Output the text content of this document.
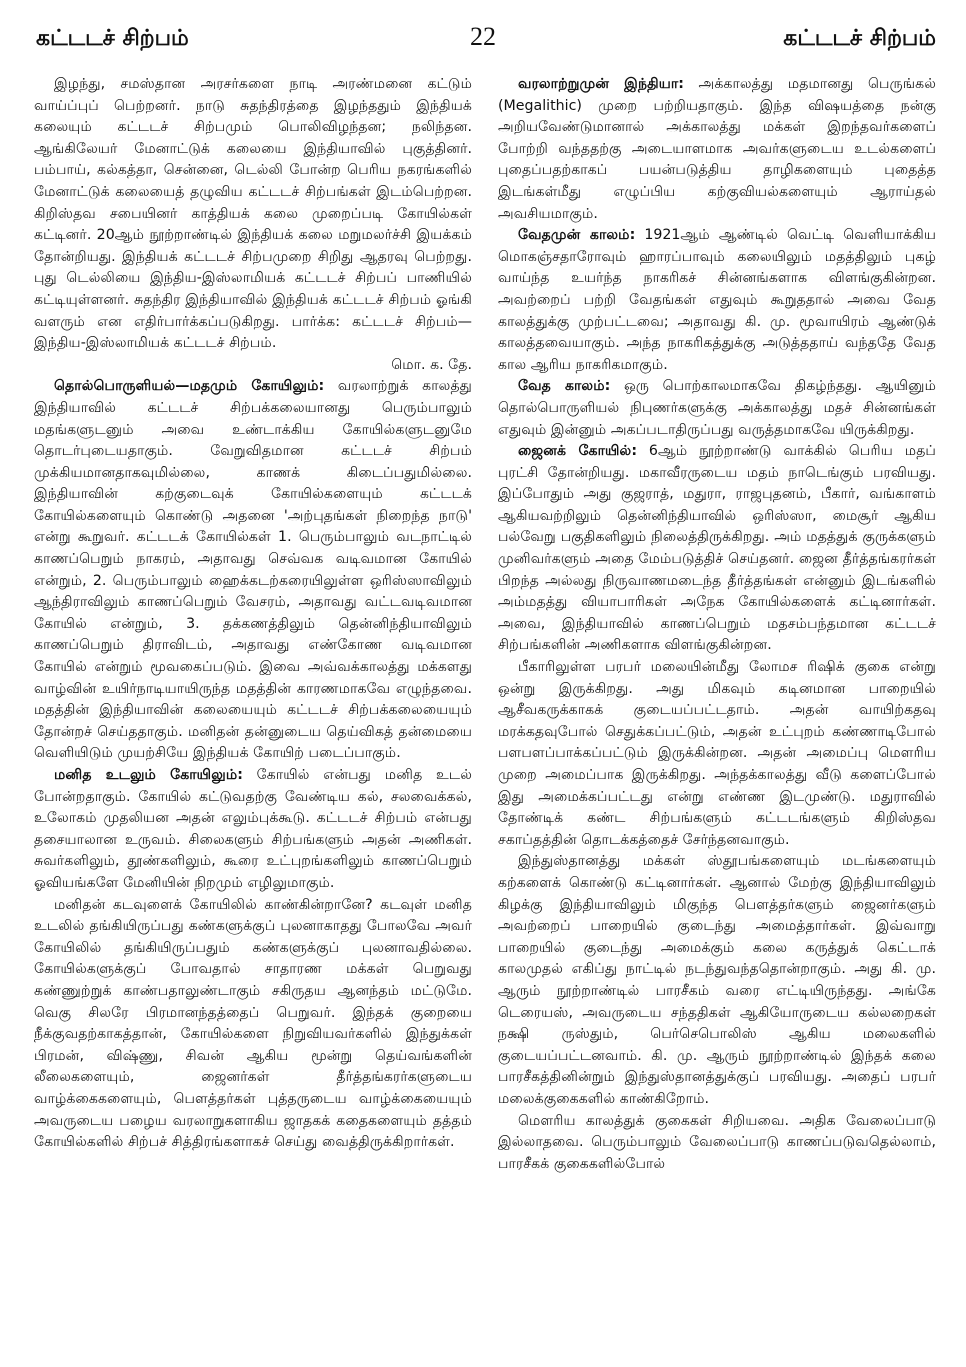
கட்டடச் சிற்பம்	22	கட்டடச் சிற்பம்

இழந்து, சமஸ்தான அரசர்களை நாடி அரண்மனை கட்டும் வாய்ப்புப் பெற்றனர். நாடு சுதந்திரத்தை இழந்ததும் இந்தியக் கலையும் கட்டடச் சிற்பமும் பொலிவிழந்தன; நலிந்தன. ஆங்கிலேயர் மேனாட்டுக் கலையை இந்தியாவில் புகுத்தினர். பம்பாய், கல்கத்தா, சென்னை, டெல்லி போன்ற பெரிய நகரங்களில் மேனாட்டுக் கலையைத் தழுவிய கட்டடச் சிற்பங்கள் இடம்பெற்றன. கிறிஸ்தவ சபையினர் காத்தியக் கலை முறைப்படி கோயில்கள் கட்டினர். 20ஆம் நூற்றாண்டில் இந்தியக் கலை மறுமலர்ச்சி இயக்கம் தோன்றியது. இந்தியக் கட்டடச் சிற்பமுறை சிறிது ஆதரவு பெற்றது. புது டெல்லியை இந்திய-இஸ்லாமியக் கட்டடச் சிற்பப் பாணியில் கட்டியுள்ளனர். சுதந்திர இந்தியாவில் இந்தியக் கட்டடச் சிற்பம் ஓங்கி வளரும் என எதிர்பார்க்கப்படுகிறது. பார்க்க: கட்டடச் சிற்பம்—இந்திய-இஸ்லாமியக் கட்டடச் சிற்பம்.

மொ. க. தே.

தொல்பொருளியல்—மதமும் கோயிலும்: வரலாற்றுக் காலத்து இந்தியாவில் கட்டடச் சிற்பக்கலையானது பெரும்பாலும் மதங்களுடனும் அவை உண்டாக்கிய கோயில்களுடனுமே தொடர்புடையதாகும். வேறுவிதமான கட்டடச் சிற்பம் முக்கியமானதாகவுமில்லை, காணக் கிடைப்பதுமில்லை. இந்தியாவின் கற்குடைவுக் கோயில்களையும் கட்டடக் கோயில்களையும் கொண்டு அதனை 'அற்புதங்கள் நிறைந்த நாடு' என்று கூறுவர். கட்டடக் கோயில்கள் 1. பெரும்பாலும் வடநாட்டில் காணப்பெறும் நாகரம், அதாவது செவ்வக வடிவமான கோயில் என்றும், 2. பெரும்பாலும் ஹைக்கடற்கரையிலுள்ள ஒரிஸ்ஸாவிலும் ஆந்திராவிலும் காணப்பெறும் வேசரம், அதாவது வட்டவடிவமான கோயில் என்றும், 3. தக்கணத்திலும் தென்னிந்தியாவிலும் காணப்பெறும் திராவிடம், அதாவது எண்கோண வடிவமான கோயில் என்றும் மூவகைப்படும். இவை அவ்வக்காலத்து மக்களது வாழ்வின் உயிர்நாடியாயிருந்த மதத்தின் காரணமாகவே எழுந்தவை. மதத்தின் இந்தியாவின் கலையையும் கட்டடச் சிற்பக்கலையையும் தோன்றச் செய்ததாகும். மனிதன் தன்னுடைய தெய்விகத் தன்மையை வெளியிடும் முயற்சியே இந்தியக் கோயிற் படைப்பாகும்.

மனித உடலும் கோயிலும்: கோயில் என்பது மனித உடல் போன்றதாகும். கோயில் கட்டுவதற்கு வேண்டிய கல், சலவைக்கல், உலோகம் முதலியன அதன் எலும்புக்கூடு. கட்டடச் சிற்பம் என்பது தசையாலான உருவம். சிலைகளும் சிற்பங்களும் அதன் அணிகள். சுவர்களிலும், தூண்களிலும், கூரை உட்புறங்களிலும் காணப்பெறும் ஓவியங்களே மேனியின் நிறமும் எழிலுமாகும்.

மனிதன் கடவுளைக் கோயிலில் காண்கின்றானே? கடவுள் மனித உடலில் தங்கியிருப்பது கண்களுக்குப் புலனாகாதது போலவே அவர் கோயிலில் தங்கியிருப்பதும் கண்களுக்குப் புலனாவதில்லை. கோயில்களுக்குப் போவதால் சாதாரண மக்கள் பெறுவது கண்ணுற்றுக் காண்பதாலுண்டாகும் சகிருதய ஆனந்தம் மட்டுமே. வெகு சிலரே பிரமானந்தத்தைப் பெறுவர். இந்தக் குறையை நீக்குவதற்காகத்தான், கோயில்களை நிறுவியவர்களில் இந்துக்கள் பிரமன், விஷ்ணு, சிவன் ஆகிய மூன்று தெய்வங்களின் லீலைகளையும், ஜைனர்கள் தீர்த்தங்கரர்களுடைய வாழ்க்கைகளையும், பௌத்தர்கள் புத்தருடைய வாழ்க்கையையும் அவருடைய பழைய வரலாறுகளாகிய ஜாதகக் கதைகளையும் தத்தம் கோயில்களில் சிற்பச் சித்திரங்களாகச் செய்து வைத்திருக்கிறார்கள்.

வரலாற்றுமுன் இந்தியா: அக்காலத்து மதமானது பெருங்கல் (Megalithic) முறை பற்றியதாகும். இந்த விஷயத்தை நன்கு அறியவேண்டுமானால் அக்காலத்து மக்கள் இறந்தவர்களைப் போற்றி வந்ததற்கு அடையாளமாக அவர்களுடைய உடல்களைப் புதைப்பதற்காகப் பயன்படுத்திய தாழிகளையும் புதைத்த இடங்கள்மீது எழுப்பிய கற்குவியல்களையும் ஆராய்தல் அவசியமாகும்.

வேதமுன் காலம்: 1921ஆம் ஆண்டில் வெட்டி வெளியாக்கிய மொகஞ்சதாரோவும் ஹாரப்பாவும் கலையிலும் மதத்திலும் புகழ் வாய்ந்த உயர்ந்த நாகரிகச் சின்னங்களாக விளங்குகின்றன. அவற்றைப் பற்றி வேதங்கள் எதுவும் கூறுததால் அவை வேத காலத்துக்கு முற்பட்டவை; அதாவது கி. மு. மூவாயிரம் ஆண்டுக் காலத்தவையாகும். அந்த நாகரிகத்துக்கு அடுத்ததாய் வந்ததே வேத கால ஆரிய நாகரிகமாகும்.

வேத காலம்: ஒரு பொற்காலமாகவே திகழ்ந்தது. ஆயினும் தொல்பொருளியல் நிபுணர்களுக்கு அக்காலத்து மதச் சின்னங்கள் எதுவும் இன்னும் அகப்படாதிருப்பது வருத்தமாகவே யிருக்கிறது.

ஜைனக் கோயில்: 6ஆம் நூற்றாண்டு வாக்கில் பெரிய மதப் புரட்சி தோன்றியது. மகாவீரருடைய மதம் நாடெங்கும் பரவியது. இப்போதும் அது குஜராத், மதுரா, ராஜபுதனம், பீகார், வங்காளம் ஆகியவற்றிலும் தென்னிந்தியாவில் ஒரிஸ்ஸா, மைசூர் ஆகிய பல்வேறு பகுதிகளிலும் நிலைத்திருக்கிறது. அம் மதத்துக் குருக்களும் முனிவர்களும் அதை மேம்படுத்திச் செய்தனர். ஜைன தீர்த்தங்கரர்கள் பிறந்த அல்லது நிருவாணமடைந்த தீர்த்தங்கள் என்னும் இடங்களில் அம்மதத்து வியாபாரிகள் அநேக கோயில்களைக் கட்டினார்கள். அவை, இந்தியாவில் காணப்பெறும் மதசம்பந்தமான கட்டடச் சிற்பங்களின் அணிகளாக விளங்குகின்றன.

பீகாரிலுள்ள பரபர் மலையின்மீது லோமச ரிஷிக் குகை என்று ஒன்று இருக்கிறது. அது மிகவும் கடினமான பாறையில் ஆசீவகருக்காகக் குடையப்பட்டதாம். அதன் வாயிற்கதவு மரக்கதவுபோல் செதுக்கப்பட்டும், அதன் உட்புறம் கண்ணாடிபோல் பளபளப்பாக்கப்பட்டும் இருக்கின்றன. அதன் அமைப்பு மௌரிய முறை அமைப்பாக இருக்கிறது. அந்தக்காலத்து வீடு களைப்போல் இது அமைக்கப்பட்டது என்று எண்ண இடமுண்டு. மதுராவில் தோண்டிக் கண்ட சிற்பங்களும் கட்டடங்களும் கிறிஸ்தவ சகாப்தத்தின் தொடக்கத்தைச் சேர்ந்தனவாகும்.

இந்துஸ்தானத்து மக்கள் ஸ்தூபங்களையும் மடங்களையும் கற்களைக் கொண்டு கட்டினார்கள். ஆனால் மேற்கு இந்தியாவிலும் கிழக்கு இந்தியாவிலும் மிகுந்த பௌத்தர்களும் ஜைனர்களும் அவற்றைப் பாறையில் குடைந்து அமைத்தார்கள். இவ்வாறு பாறையில் குடைந்து அமைக்கும் கலை கருத்துக் கெட்டாக் காலமுதல் எகிப்து நாட்டில் நடந்துவந்ததொன்றாகும். அது கி. மு. ஆரும் நூற்றாண்டில் பாரசீகம் வரை எட்டியிருந்தது. அங்கே டெரையஸ், அவருடைய சந்ததிகள் ஆகியோருடைய கல்லறைகள் நக்ஷி ருஸ்தும், பெர்செபொலிஸ் ஆகிய மலைகளில் குடையப்பட்டனவாம். கி. மு. ஆரும் நூற்றாண்டில் இந்தக் கலை பாரசீகத்தினின்றும் இந்துஸ்தானத்துக்குப் பரவியது. அதைப் பரபர் மலைக்குகைகளில் காண்கிறோம்.

மௌரிய காலத்துக் குகைகள் சிறியவை. அதிக வேலைப்பாடு இல்லாதவை. பெரும்பாலும் வேலைப்பாடு காணப்படுவதெல்லாம், பாரசீகக் குகைகளில்போல்
